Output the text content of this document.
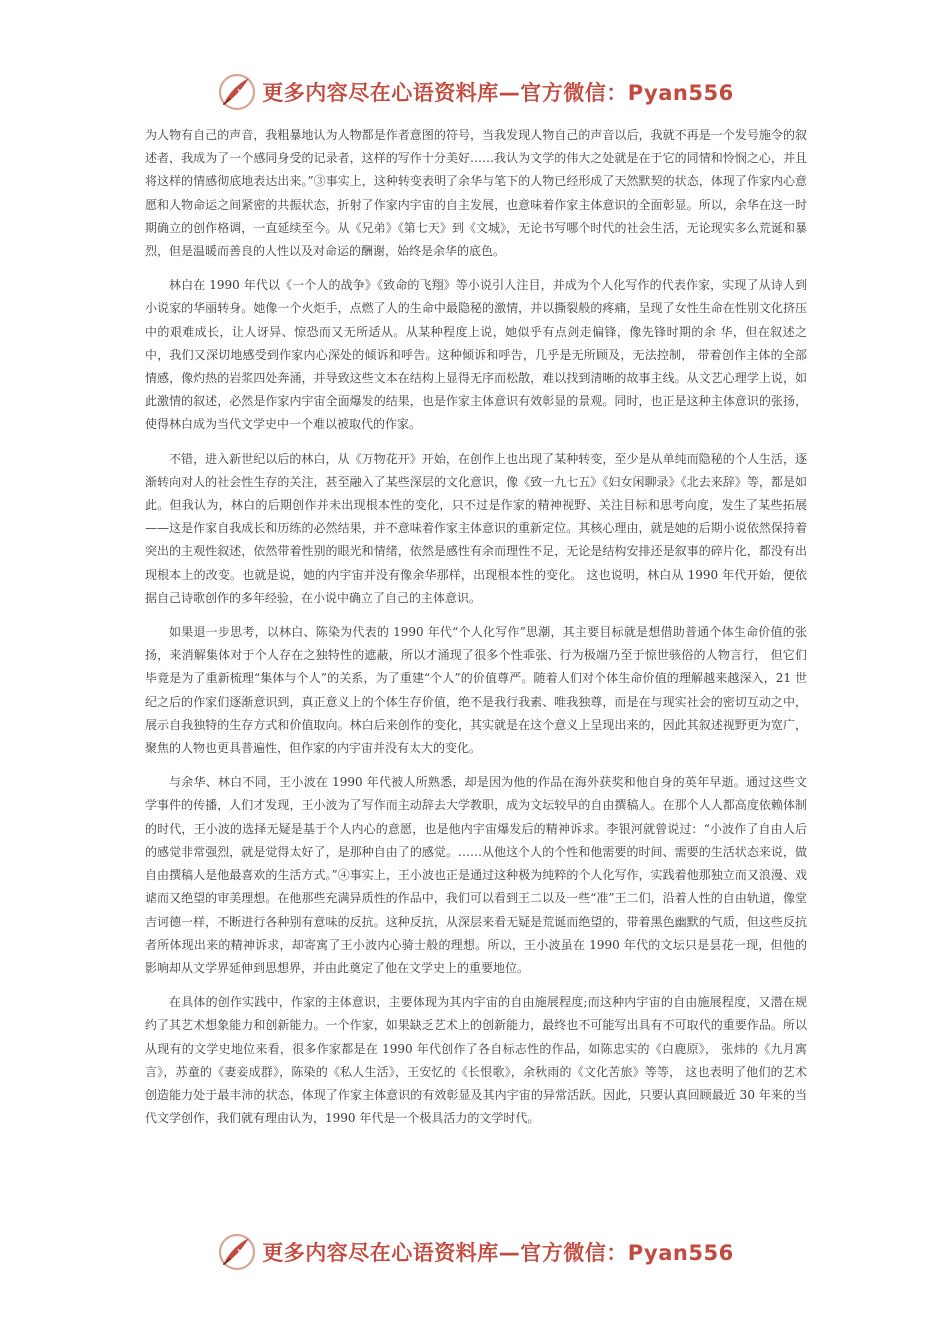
更多内容尽在心语资料库—官方微信：Pyan556

为人物有自己的声音，我粗暴地认为人物都是作者意图的符号，当我发现人物自己的声音以后，我就不再是一个发号施令的叙述者，我成为了一个感同身受的记录者，这样的写作十分美好……我认为文学的伟大之处就是在于它的同情和怜悯之心，并且将这样的情感彻底地表达出来。”③事实上，这种转变表明了余华与笔下的人物已经形成了天然默契的状态，体现了作家内心意愿和人物命运之间紧密的共振状态，折射了作家内宇宙的自主发展，也意味着作家主体意识的全面彰显。所以，余华在这一时期确立的创作格调，一直延续至今。从《兄弟》《第七天》到《文城》，无论书写哪个时代的社会生活，无论现实多么荒诞和暴烈，但是温暖而善良的人性以及对命运的酬谢，始终是余华的底色。

林白在 1990 年代以《一个人的战争》《致命的飞翔》等小说引人注目，并成为个人化写作的代表作家，实现了从诗人到小说家的华丽转身。她像一个火炬手，点燃了人的生命中最隐秘的激情，并以撕裂般的疼痛，呈现了女性生命在性别文化挤压中的艰难成长，让人讶异、惊恐而又无所适从。从某种程度上说，她似乎有点剑走偏锋，像先锋时期的余 华，但在叙述之中，我们又深切地感受到作家内心深处的倾诉和呼告。这种倾诉和呼告，几乎是无所顾及，无法控制， 带着创作主体的全部情感，像灼热的岩浆四处奔涌，并导致这些文本在结构上显得无序而松散，难以找到清晰的故事主线。从文艺心理学上说，如此激情的叙述，必然是作家内宇宙全面爆发的结果，也是作家主体意识有效彰显的景观。同时，也正是这种主体意识的张扬，使得林白成为当代文学史中一个难以被取代的作家。

不错，进入新世纪以后的林白，从《万物花开》开始，在创作上也出现了某种转变，至少是从单纯而隐秘的个人生活，逐渐转向对人的社会性生存的关注，甚至融入了某些深层的文化意识，像《致一九七五》《妇女闲聊录》《北去来辞》等，都是如此。但我认为，林白的后期创作并未出现根本性的变化，只不过是作家的精神视野、关注目标和思考向度，发生了某些拓展——这是作家自我成长和历练的必然结果，并不意味着作家主体意识的重新定位。其核心理由，就是她的后期小说依然保持着突出的主观性叙述，依然带着性别的眼光和情绪，依然是感性有余而理性不足，无论是结构安排还是叙事的碎片化，都没有出现根本上的改变。也就是说，她的内宇宙并没有像余华那样，出现根本性的变化。 这也说明，林白从 1990 年代开始，便依据自己诗歌创作的多年经验，在小说中确立了自己的主体意识。

如果退一步思考，以林白、陈染为代表的 1990 年代“个人化写作”思潮，其主要目标就是想借助普通个体生命价值的张扬，来消解集体对于个人存在之独特性的遮蔽，所以才涌现了很多个性乖张、行为极端乃至于惊世骇俗的人物言行， 但它们毕竟是为了重新梳理“集体与个人”的关系，为了重建“个人”的价值尊严。随着人们对个体生命价值的理解越来越深入，21 世纪之后的作家们逐渐意识到，真正意义上的个体生存价值，绝不是我行我素、唯我独尊，而是在与现实社会的密切互动之中，展示自我独特的生存方式和价值取向。林白后来创作的变化，其实就是在这个意义上呈现出来的，因此其叙述视野更为宽广，聚焦的人物也更具普遍性，但作家的内宇宙并没有太大的变化。

与余华、林白不同，王小波在 1990 年代被人所熟悉，却是因为他的作品在海外获奖和他自身的英年早逝。通过这些文学事件的传播，人们才发现，王小波为了写作而主动辞去大学教职，成为文坛较早的自由撰稿人。在那个人人都高度依赖体制的时代，王小波的选择无疑是基于个人内心的意愿，也是他内宇宙爆发后的精神诉求。李银河就曾说过：“小波作了自由人后的感觉非常强烈，就是觉得太好了，是那种自由了的感觉。……从他这个人的个性和他需要的时间、需要的生活状态来说，做自由撰稿人是他最喜欢的生活方式。”④事实上，王小波也正是通过这种极为纯粹的个人化写作，实践着他那独立而又浪漫、戏谑而又绝望的审美理想。在他那些充满异质性的作品中，我们可以看到王二以及一些“准”王二们，沿着人性的自由轨道，像堂吉诃德一样，不断进行各种别有意味的反抗。这种反抗，从深层来看无疑是荒诞而绝望的，带着黑色幽默的气质，但这些反抗者所体现出来的精神诉求，却寄寓了王小波内心骑士般的理想。所以，王小波虽在 1990 年代的文坛只是昙花一现，但他的影响却从文学界延伸到思想界，并由此奠定了他在文学史上的重要地位。

在具体的创作实践中，作家的主体意识，主要体现为其内宇宙的自由施展程度;而这种内宇宙的自由施展程度，又潜在规约了其艺术想象能力和创新能力。一个作家，如果缺乏艺术上的创新能力，最终也不可能写出具有不可取代的重要作品。所以从现有的文学史地位来看，很多作家都是在 1990 年代创作了各自标志性的作品，如陈忠实的《白鹿原》， 张炜的《九月寓言》，苏童的《妻妾成群》，陈染的《私人生活》，王安忆的《长恨歌》，余秋雨的《文化苦旅》等等， 这也表明了他们的艺术创造能力处于最丰沛的状态，体现了作家主体意识的有效彰显及其内宇宙的异常活跃。因此，只要认真回顾最近 30 年来的当代文学创作，我们就有理由认为，1990 年代是一个极具活力的文学时代。

更多内容尽在心语资料库—官方微信：Pyan556
